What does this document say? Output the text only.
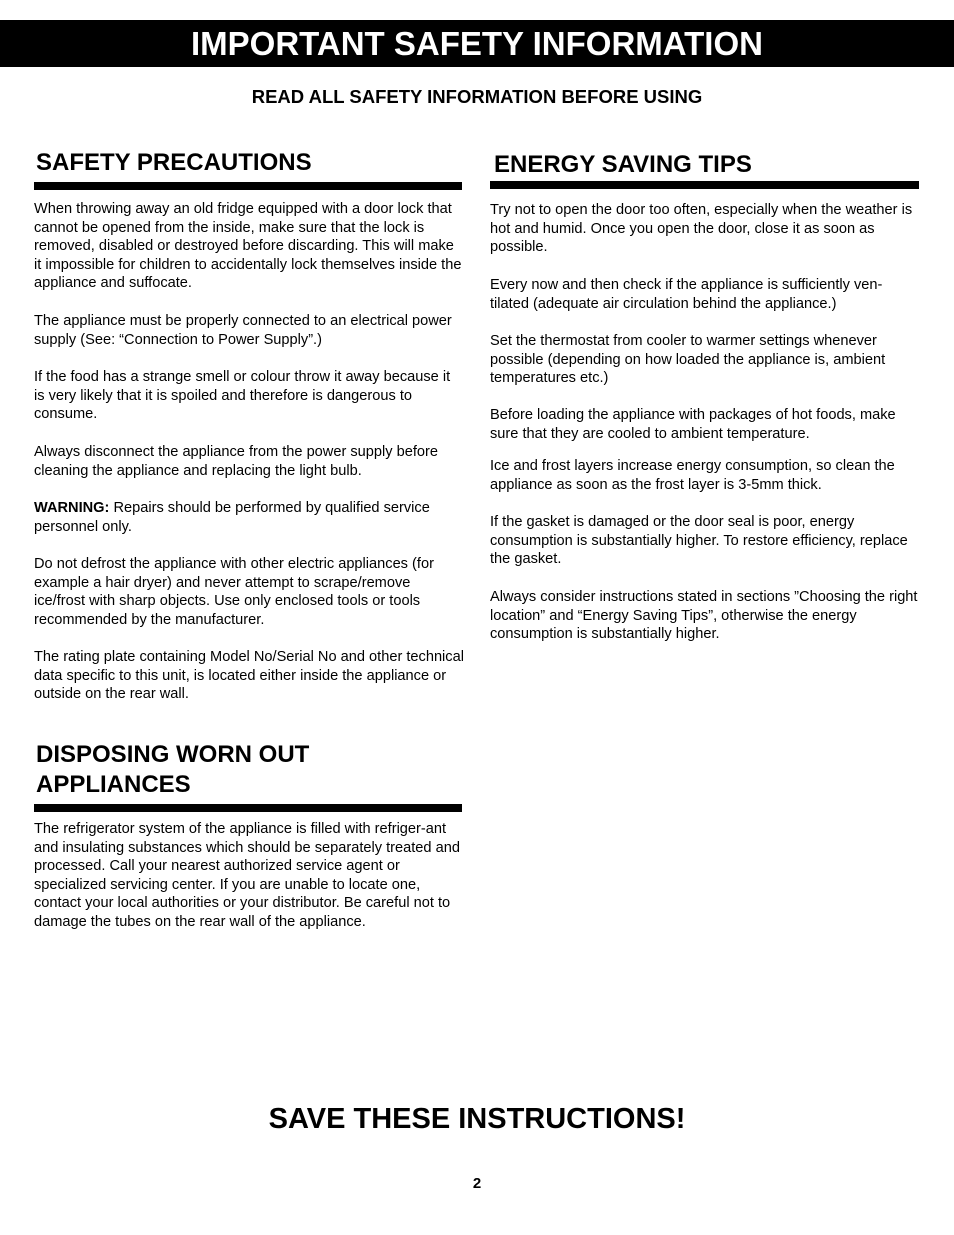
IMPORTANT SAFETY INFORMATION
READ ALL SAFETY INFORMATION BEFORE USING
SAFETY PRECAUTIONS

When throwing away an old fridge equipped with a door lock that cannot be opened from the inside, make sure that the lock is removed, disabled or destroyed before discarding. This will make it impossible for children to accidentally lock themselves inside the appliance and suffocate.

The appliance must be properly connected to an electrical power supply (See: “Connection to Power Supply”.)

If the food has a strange smell or colour throw it away because it is very likely that it is spoiled and therefore is dangerous to consume.

Always disconnect the appliance from the power supply before cleaning the appliance and replacing the light bulb.

WARNING: Repairs should be performed by qualified service personnel only.

Do not defrost the appliance with other electric appliances (for example a hair dryer) and never attempt to scrape/remove ice/frost with sharp objects. Use only enclosed tools or tools recommended by the manufacturer.

The rating plate containing Model No/Serial No and other technical data specific to this unit, is located either inside the appliance or outside on the rear wall.

DISPOSING WORN OUT
APPLIANCES

The refrigerator system of the appliance is filled with refriger-ant and insulating substances which should be separately treated and processed. Call your nearest authorized service agent or specialized servicing center. If you are unable to locate one, contact your local authorities or your distributor. Be careful not to damage the tubes on the rear wall of the appliance.

ENERGY SAVING TIPS

Try not to open the door too often, especially when the weather is hot and humid. Once you open the door, close it as soon as possible.

Every now and then check if the appliance is sufficiently ven-tilated (adequate air circulation behind the appliance.)

Set the thermostat from cooler to warmer settings whenever possible (depending on how loaded the appliance is, ambient temperatures etc.)

Before loading the appliance with packages of hot foods, make sure that they are cooled to ambient temperature.

Ice and frost layers increase energy consumption, so clean the appliance as soon as the frost layer is 3-5mm thick.

If the gasket is damaged or the door seal is poor, energy consumption is substantially higher. To restore efficiency, replace the gasket.

Always consider instructions stated in sections ”Choosing the right location” and “Energy Saving Tips”, otherwise the energy consumption is substantially higher.

SAVE THESE INSTRUCTIONS!
2
